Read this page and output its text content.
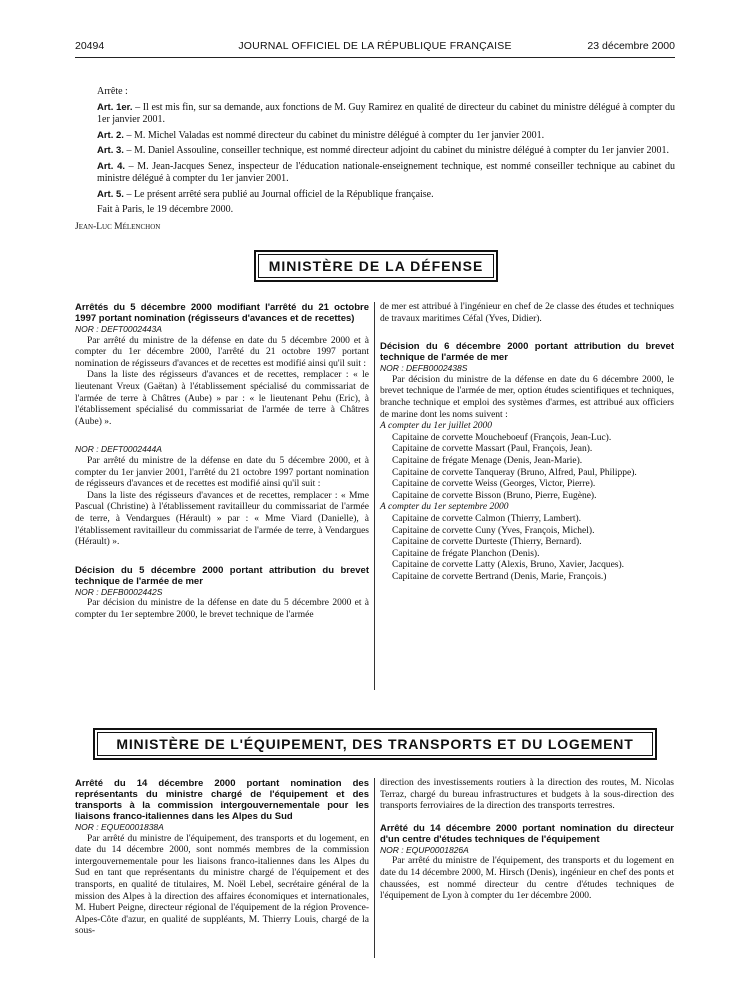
20494	JOURNAL OFFICIEL DE LA RÉPUBLIQUE FRANÇAISE	23 décembre 2000

Arrête :

Art. 1er. – Il est mis fin, sur sa demande, aux fonctions de M. Guy Ramirez en qualité de directeur du cabinet du ministre délégué à compter du 1er janvier 2001.

Art. 2. – M. Michel Valadas est nommé directeur du cabinet du ministre délégué à compter du 1er janvier 2001.

Art. 3. – M. Daniel Assouline, conseiller technique, est nommé directeur adjoint du cabinet du ministre délégué à compter du 1er janvier 2001.

Art. 4. – M. Jean-Jacques Senez, inspecteur de l'éducation nationale-enseignement technique, est nommé conseiller technique au cabinet du ministre délégué à compter du 1er janvier 2001.

Art. 5. – Le présent arrêté sera publié au Journal officiel de la République française.

Fait à Paris, le 19 décembre 2000.

Jean-Luc Mélenchon

MINISTÈRE DE LA DÉFENSE

Arrêtés du 5 décembre 2000 modifiant l'arrêté du 21 octobre 1997 portant nomination (régisseurs d'avances et de recettes)

NOR : DEFT0002443A

Par arrêté du ministre de la défense en date du 5 décembre 2000 et à compter du 1er décembre 2000, l'arrêté du 21 octobre 1997 portant nomination de régisseurs d'avances et de recettes est modifié ainsi qu'il suit :

Dans la liste des régisseurs d'avances et de recettes, remplacer : « le lieutenant Vreux (Gaëtan) à l'établissement spécialisé du commissariat de l'armée de terre à Châtres (Aube) » par : « le lieutenant Pehu (Eric), à l'établissement spécialisé du commissariat de l'armée de terre à Châtres (Aube) ».

NOR : DEFT0002444A

Par arrêté du ministre de la défense en date du 5 décembre 2000, et à compter du 1er janvier 2001, l'arrêté du 21 octobre 1997 portant nomination de régisseurs d'avances et de recettes est modifié ainsi qu'il suit :

Dans la liste des régisseurs d'avances et de recettes, remplacer : « Mme Pascual (Christine) à l'établissement ravitailleur du commissariat de l'armée de terre, à Vendargues (Hérault) » par : « Mme Viard (Danielle), à l'établissement ravitailleur du commissariat de l'armée de terre, à Vendargues (Hérault) ».

Décision du 5 décembre 2000 portant attribution du brevet technique de l'armée de mer

NOR : DEFB0002442S

Par décision du ministre de la défense en date du 5 décembre 2000 et à compter du 1er septembre 2000, le brevet technique de l'armée

de mer est attribué à l'ingénieur en chef de 2e classe des études et techniques de travaux maritimes Céfal (Yves, Didier).

Décision du 6 décembre 2000 portant attribution du brevet technique de l'armée de mer

NOR : DEFB0002438S

Par décision du ministre de la défense en date du 6 décembre 2000, le brevet technique de l'armée de mer, option études scientifiques et techniques, branche technique et emploi des systèmes d'armes, est attribué aux officiers de marine dont les noms suivent :

A compter du 1er juillet 2000

Capitaine de corvette Moucheboeuf (François, Jean-Luc).

Capitaine de corvette Massart (Paul, François, Jean).

Capitaine de frégate Menage (Denis, Jean-Marie).

Capitaine de corvette Tanqueray (Bruno, Alfred, Paul, Philippe).

Capitaine de corvette Weiss (Georges, Victor, Pierre).

Capitaine de corvette Bisson (Bruno, Pierre, Eugène).

A compter du 1er septembre 2000

Capitaine de corvette Calmon (Thierry, Lambert).

Capitaine de corvette Cuny (Yves, François, Michel).

Capitaine de corvette Durteste (Thierry, Bernard).

Capitaine de frégate Planchon (Denis).

Capitaine de corvette Latty (Alexis, Bruno, Xavier, Jacques).

Capitaine de corvette Bertrand (Denis, Marie, François.)

MINISTÈRE DE L'ÉQUIPEMENT, DES TRANSPORTS ET DU LOGEMENT

Arrêté du 14 décembre 2000 portant nomination des représentants du ministre chargé de l'équipement et des transports à la commission intergouvernementale pour les liaisons franco-italiennes dans les Alpes du Sud

NOR : EQUE0001838A

Par arrêté du ministre de l'équipement, des transports et du logement, en date du 14 décembre 2000, sont nommés membres de la commission intergouvernementale pour les liaisons franco-italiennes dans les Alpes du Sud en tant que représentants du ministre chargé de l'équipement et des transports, en qualité de titulaires, M. Noël Lebel, secrétaire général de la mission des Alpes à la direction des affaires économiques et internationales, M. Hubert Peigne, directeur régional de l'équipement de la région Provence-Alpes-Côte d'azur, en qualité de suppléants, M. Thierry Louis, chargé de la sous-

direction des investissements routiers à la direction des routes, M. Nicolas Terraz, chargé du bureau infrastructures et budgets à la sous-direction des transports ferroviaires de la direction des transports terrestres.

Arrêté du 14 décembre 2000 portant nomination du directeur d'un centre d'études techniques de l'équipement

NOR : EQUP0001826A

Par arrêté du ministre de l'équipement, des transports et du logement en date du 14 décembre 2000, M. Hirsch (Denis), ingénieur en chef des ponts et chaussées, est nommé directeur du centre d'études techniques de l'équipement de Lyon à compter du 1er décembre 2000.
